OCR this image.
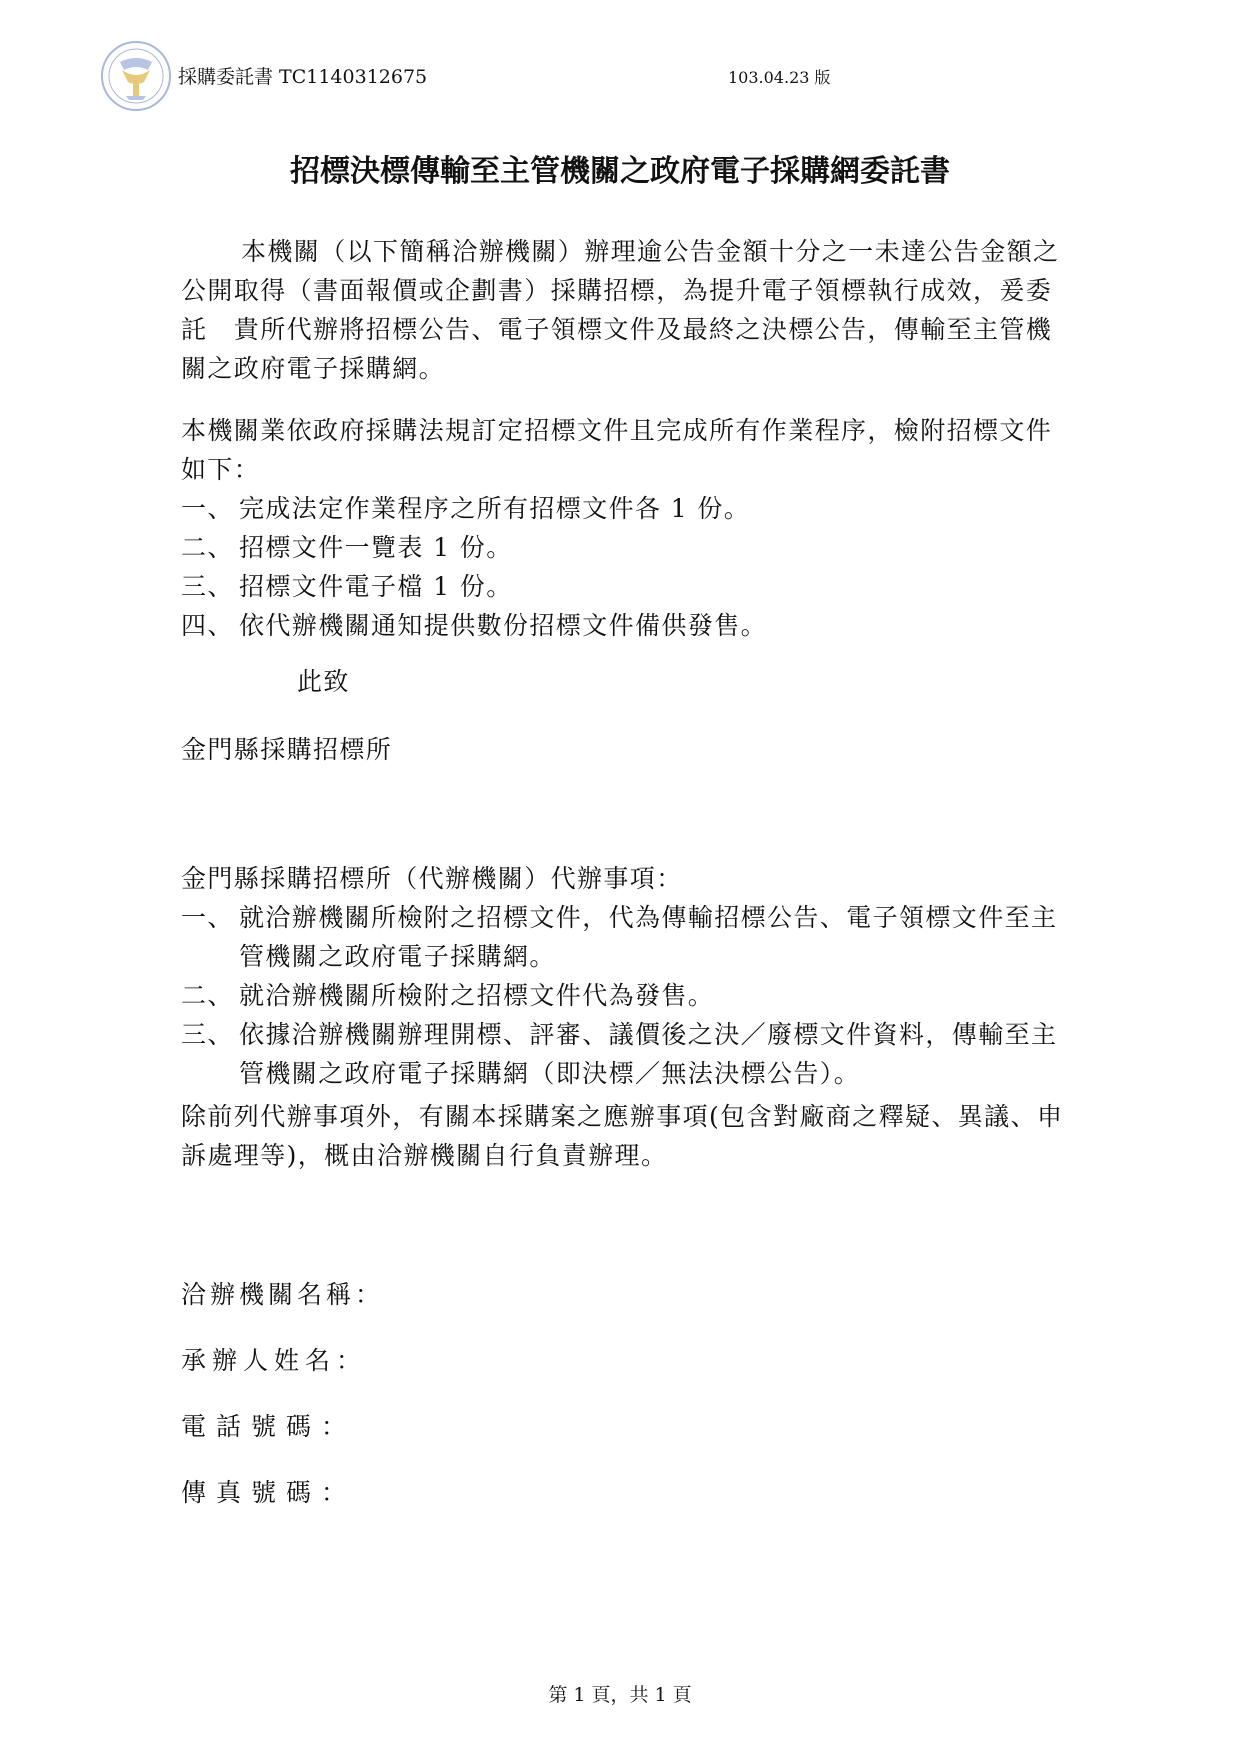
採購委託書 TC1140312675	103.04.23 版
招標決標傳輸至主管機關之政府電子採購網委託書

本機關（以下簡稱洽辦機關）辦理逾公告金額十分之一未達公告金額之公開取得（書面報價或企劃書）採購招標，為提升電子領標執行成效，爰委託　貴所代辦將招標公告、電子領標文件及最終之決標公告，傳輸至主管機關之政府電子採購網。

本機關業依政府採購法規訂定招標文件且完成所有作業程序，檢附招標文件如下：
一、 完成法定作業程序之所有招標文件各 1 份。
二、 招標文件一覽表 1 份。
三、 招標文件電子檔 1 份。
四、 依代辦機關通知提供數份招標文件備供發售。
此致
金門縣採購招標所
金門縣採購招標所（代辦機關）代辦事項：
一、 就洽辦機關所檢附之招標文件，代為傳輸招標公告、電子領標文件至主管機關之政府電子採購網。
二、 就洽辦機關所檢附之招標文件代為發售。
三、 依據洽辦機關辦理開標、評審、議價後之決／廢標文件資料，傳輸至主管機關之政府電子採購網（即決標／無法決標公告）。
除前列代辦事項外，有關本採購案之應辦事項(包含對廠商之釋疑、異議、申訴處理等)，概由洽辦機關自行負責辦理。
洽辦機關名稱：
承辦人姓名：
電話號碼：
傳真號碼：
第 1 頁，共 1 頁
